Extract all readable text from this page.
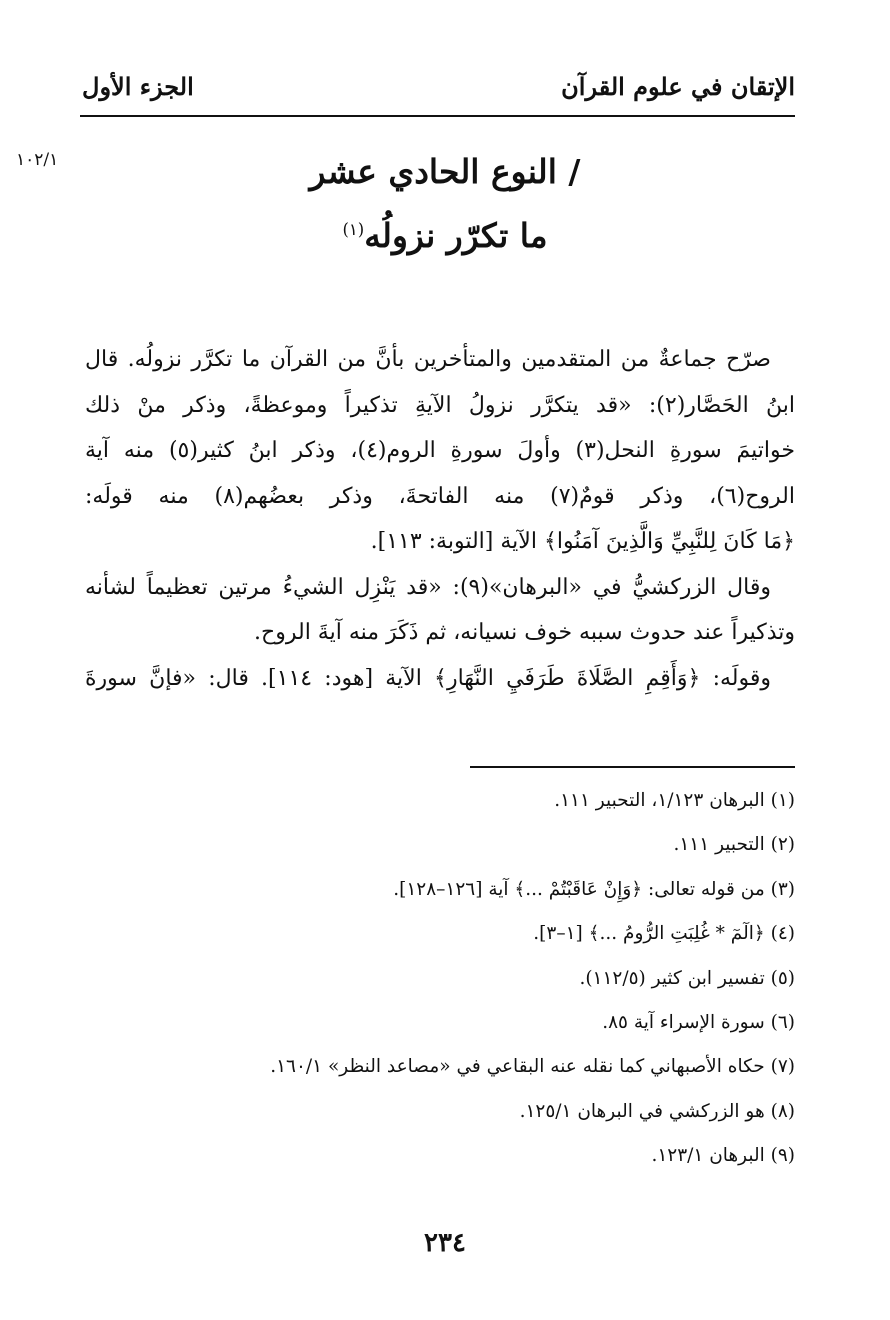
الإتقان في علوم القرآن
الجزء الأول
١٠٢/١	/ النوع الحادي عشر
ما تكرّر نزولُه$^{(١)}$
صرّح جماعةٌ من المتقدمين والمتأخرين بأنَّ من القرآن ما تكرَّر نزولُه. قال
ابنُ الحَصَّار(٢): «قد يتكرَّر نزولُ الآيةِ تذكيراً وموعظةً، وذكر منْ ذلك
خواتيمَ سورةِ النحل(٣) وأولَ سورةِ الروم(٤)، وذكر ابنُ كثير(٥) منه آية
الروح(٦)، وذكر قومٌ(٧) منه الفاتحةَ، وذكر بعضُهم(٨) منه قولَه:
﴿مَا كَانَ لِلنَّبِيِّ وَالَّذِينَ آمَنُوا﴾ الآية [التوبة: ١١٣].
وقال الزركشيُّ في «البرهان»(٩): «قد يَنْزِل الشيءُ مرتين تعظيماً لشأنه
وتذكيراً عند حدوث سببه خوف نسيانه، ثم ذَكَرَ منه آيةَ الروح.
وقولَه: ﴿وَأَقِمِ الصَّلَاةَ طَرَفَيِ النَّهَارِ﴾ الآية [هود: ١١٤]. قال: «فإنَّ سورةَ
(١) البرهان ١/١٢٣، التحبير ١١١.
(٢) التحبير ١١١.
(٣) من قوله تعالى: ﴿وَإِنْ عَاقَبْتُمْ ...﴾ آية [١٢٦–١٢٨].
(٤) ﴿الٓمٓ * غُلِبَتِ الرُّومُ ...﴾ [١–٣].
(٥) تفسير ابن كثير (١١٢/٥).
(٦) سورة الإسراء آية ٨٥.
(٧) حكاه الأصبهاني كما نقله عنه البقاعي في «مصاعد النظر» ١٦٠/١.
(٨) هو الزركشي في البرهان ١٢٥/١.
(٩) البرهان ١٢٣/١.
٢٣٤
